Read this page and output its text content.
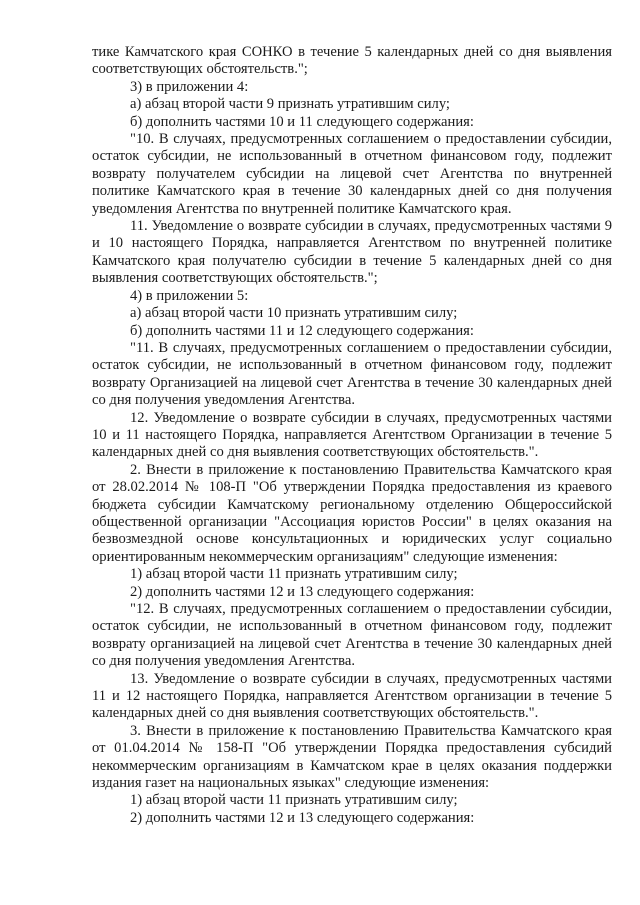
тике Камчатского края СОНКО в течение 5 календарных дней со дня выявления соответствующих обстоятельств.";

3) в приложении 4:

а) абзац второй части 9 признать утратившим силу;

б) дополнить частями 10 и 11 следующего содержания:

"10. В случаях, предусмотренных соглашением о предоставлении субсидии, остаток субсидии, не использованный в отчетном финансовом году, подлежит возврату получателем субсидии на лицевой счет Агентства по внутренней политике Камчатского края в течение 30 календарных дней со дня получения уведомления Агентства по внутренней политике Камчатского края.

11. Уведомление о возврате субсидии в случаях, предусмотренных частями 9 и 10 настоящего Порядка, направляется Агентством по внутренней политике Камчатского края получателю субсидии в течение 5 календарных дней со дня выявления соответствующих обстоятельств.";

4) в приложении 5:

а) абзац второй части 10 признать утратившим силу;

б) дополнить частями 11 и 12 следующего содержания:

"11. В случаях, предусмотренных соглашением о предоставлении субсидии, остаток субсидии, не использованный в отчетном финансовом году, подлежит возврату Организацией на лицевой счет Агентства в течение 30 календарных дней со дня получения уведомления Агентства.

12. Уведомление о возврате субсидии в случаях, предусмотренных частями 10 и 11 настоящего Порядка, направляется Агентством Организации в течение 5 календарных дней со дня выявления соответствующих обстоятельств.".

2. Внести в приложение к постановлению Правительства Камчатского края от 28.02.2014 № 108-П "Об утверждении Порядка предоставления из краевого бюджета субсидии Камчатскому региональному отделению Общероссийской общественной организации "Ассоциация юристов России" в целях оказания на безвозмездной основе консультационных и юридических услуг социально ориентированным некоммерческим организациям" следующие изменения:

1) абзац второй части 11 признать утратившим силу;

2) дополнить частями 12 и 13 следующего содержания:

"12. В случаях, предусмотренных соглашением о предоставлении субсидии, остаток субсидии, не использованный в отчетном финансовом году, подлежит возврату организацией на лицевой счет Агентства в течение 30 календарных дней со дня получения уведомления Агентства.

13. Уведомление о возврате субсидии в случаях, предусмотренных частями 11 и 12 настоящего Порядка, направляется Агентством организации в течение 5 календарных дней со дня выявления соответствующих обстоятельств.".

3. Внести в приложение к постановлению Правительства Камчатского края от 01.04.2014 № 158-П "Об утверждении Порядка предоставления субсидий некоммерческим организациям в Камчатском крае в целях оказания поддержки издания газет на национальных языках" следующие изменения:

1) абзац второй части 11 признать утратившим силу;

2) дополнить частями 12 и 13 следующего содержания:
